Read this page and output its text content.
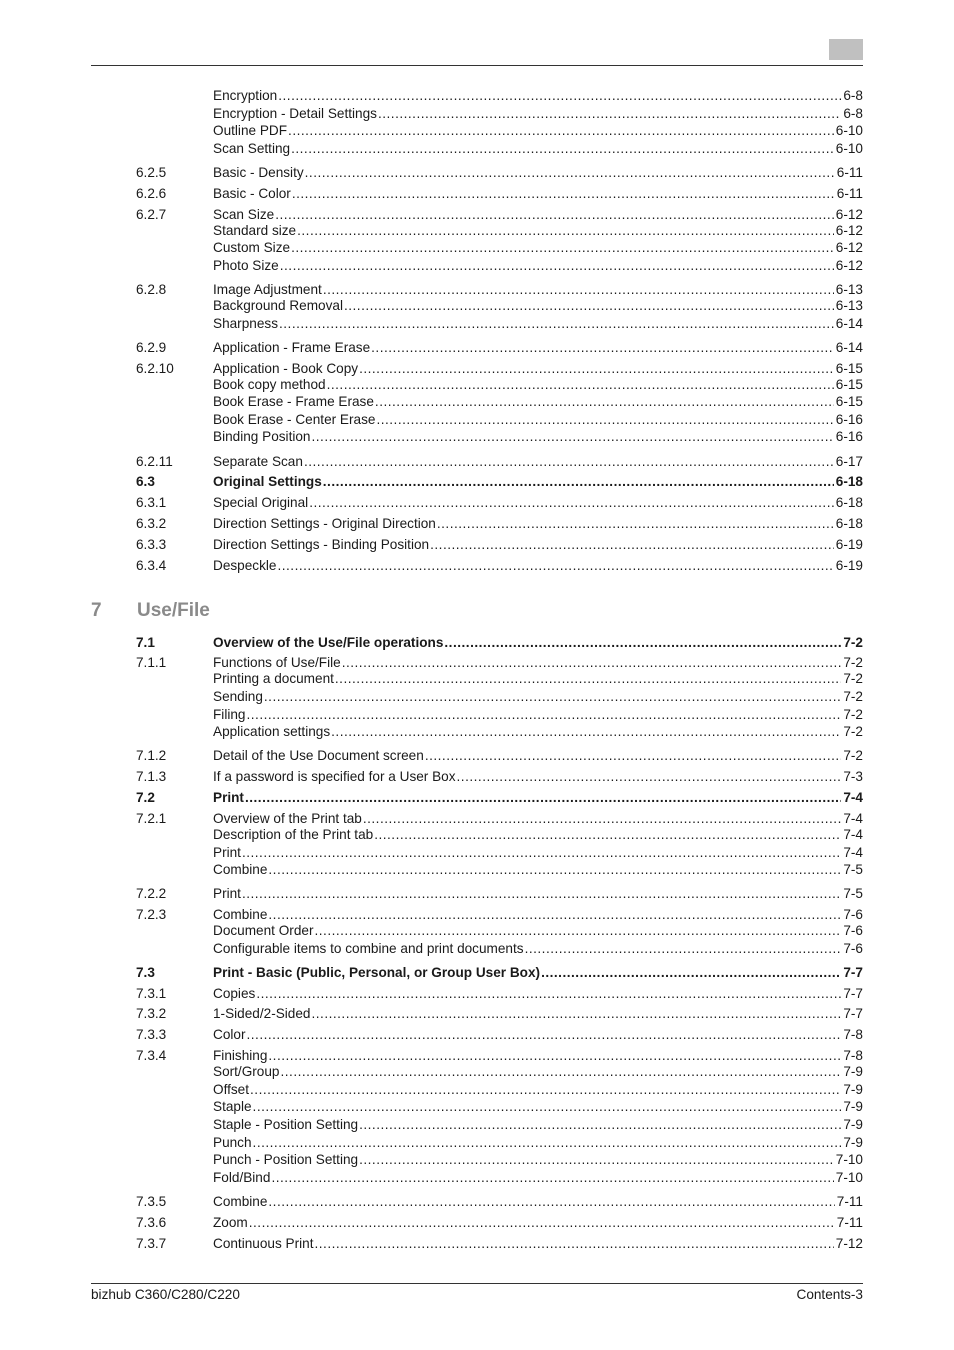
Encryption .....	6-8
Encryption - Detail Settings .....	6-8
Outline PDF .....	6-10
Scan Setting .....	6-10
6.2.5	Basic - Density .....	6-11
6.2.6	Basic - Color .....	6-11
6.2.7	Scan Size .....	6-12
Standard size .....	6-12
Custom Size .....	6-12
Photo Size .....	6-12
6.2.8	Image Adjustment .....	6-13
Background Removal .....	6-13
Sharpness .....	6-14
6.2.9	Application - Frame Erase .....	6-14
6.2.10	Application - Book Copy .....	6-15
Book copy method .....	6-15
Book Erase - Frame Erase .....	6-15
Book Erase - Center Erase .....	6-16
Binding Position .....	6-16
6.2.11	Separate Scan .....	6-17
6.3	Original Settings .....	6-18
6.3.1	Special Original .....	6-18
6.3.2	Direction Settings - Original Direction .....	6-18
6.3.3	Direction Settings - Binding Position .....	6-19
6.3.4	Despeckle .....	6-19
7.1	Overview of the Use/File operations .....	7-2
7.1.1	Functions of Use/File .....	7-2
Printing a document .....	7-2
Sending .....	7-2
Filing .....	7-2
Application settings .....	7-2
7.1.2	Detail of the Use Document screen .....	7-2
7.1.3	If a password is specified for a User Box .....	7-3
7.2	Print .....	7-4
7.2.1	Overview of the Print tab .....	7-4
Description of the Print tab .....	7-4
Print .....	7-4
Combine .....	7-5
7.2.2	Print .....	7-5
7.2.3	Combine .....	7-6
Document Order .....	7-6
Configurable items to combine and print documents .....	7-6
7.3	Print - Basic (Public, Personal, or Group User Box) .....	7-7
7.3.1	Copies .....	7-7
7.3.2	1-Sided/2-Sided .....	7-7
7.3.3	Color .....	7-8
7.3.4	Finishing .....	7-8
Sort/Group .....	7-9
Offset .....	7-9
Staple .....	7-9
Staple - Position Setting .....	7-9
Punch .....	7-9
Punch - Position Setting .....	7-10
Fold/Bind .....	7-10
7.3.5	Combine .....	7-11
7.3.6	Zoom .....	7-11
7.3.7	Continuous Print .....	7-12
7 Use/File
bizhub C360/C280/C220	Contents-3
